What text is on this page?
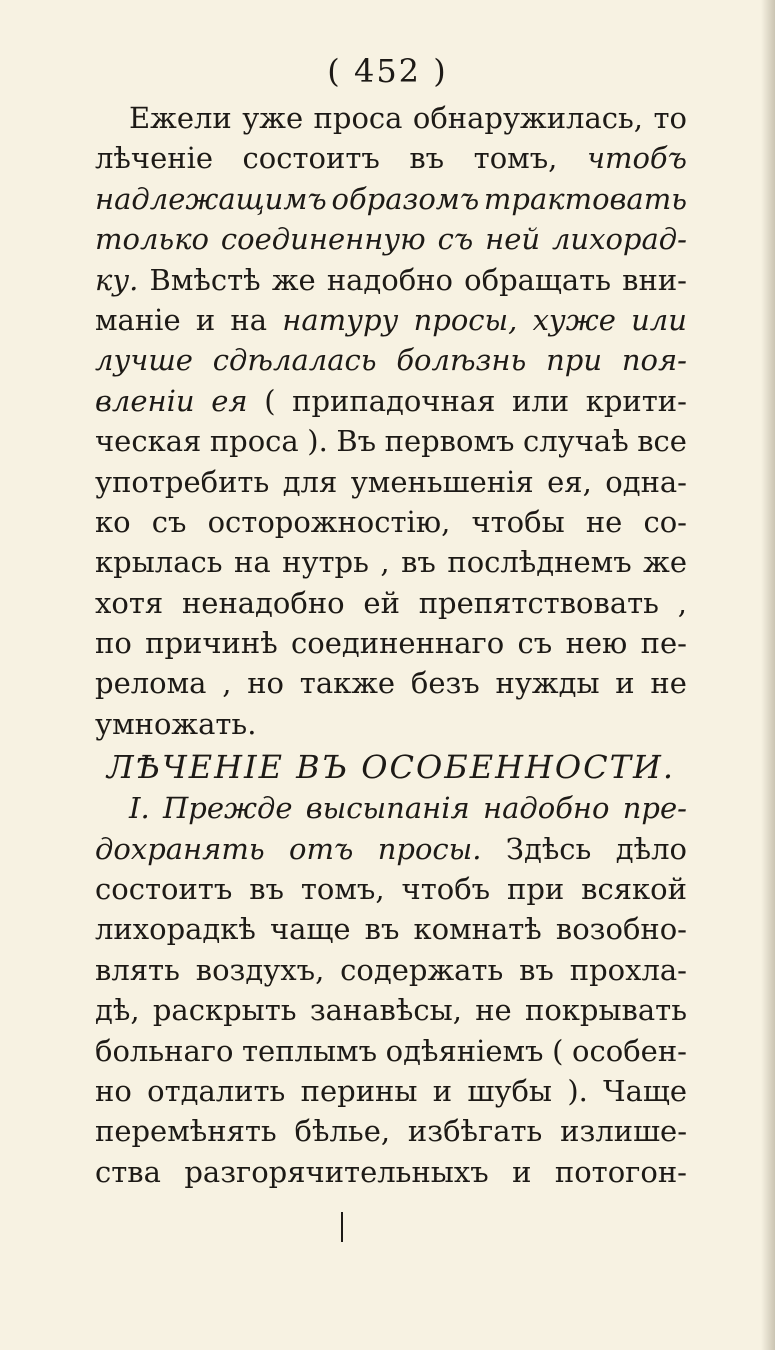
( 452 )
Ежели уже проса обнаружилась, то
лѣченіе состоитъ въ томъ, чтобъ
надлежащимъ образомъ трактовать
только соединенную съ ней лихорад-
ку. Вмѣстѣ же надобно обращать вни-
маніе и на натуру просы, хуже или
лучше сдѣлалась болѣзнь при поя-
вленіи ея ( припадочная или крити-
ческая проса ). Въ первомъ случаѣ все
употребить для уменьшенія ея, одна-
ко съ осторожностію, чтобы не со-
крылась на нутрь , въ послѣднемъ же
хотя ненадобно ей препятствовать ,
по причинѣ соединеннаго съ нею пе-
релома , но также безъ нужды и не
умножать.
ЛѢЧЕНІЕ ВЪ ОСОБЕННОСТИ.
I. Прежде высыпанія надобно пре-
дохранять отъ просы. Здѣсь дѣло
состоитъ въ томъ, чтобъ при всякой
лихорадкѣ чаще въ комнатѣ возобно-
влять воздухъ, содержать въ прохла-
дѣ, раскрыть занавѣсы, не покрывать
больнаго теплымъ одѣяніемъ ( особен-
но отдалить перины и шубы ). Чаще
перемѣнять бѣлье, избѣгать излише-
ства разгорячительныхъ и потогон-
